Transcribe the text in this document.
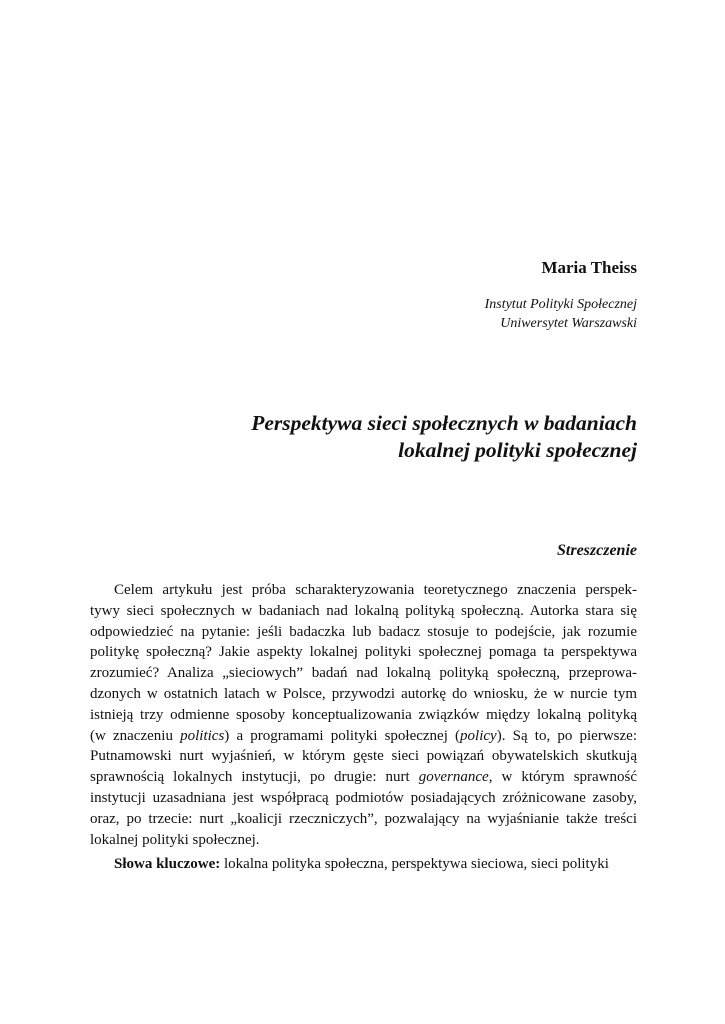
Maria Theiss
Instytut Polityki Społecznej
Uniwersytet Warszawski
Perspektywa sieci społecznych w badaniach
lokalnej polityki społecznej
Streszczenie
Celem artykułu jest próba scharakteryzowania teoretycznego znaczenia perspek-
tywy sieci społecznych w badaniach nad lokalną polityką społeczną. Autorka stara się
odpowiedzieć na pytanie: jeśli badaczka lub badacz stosuje to podejście, jak rozumie
politykę społeczną? Jakie aspekty lokalnej polityki społecznej pomaga ta perspektywa
zrozumieć? Analiza „sieciowych” badań nad lokalną polityką społeczną, przeprowa-
dzonych w ostatnich latach w Polsce, przywodzi autorkę do wniosku, że w nurcie tym
istnieją trzy odmienne sposoby konceptualizowania związków między lokalną polityką
(w znaczeniu politics) a programami polityki społecznej (policy). Są to, po pierwsze:
Putnamowski nurt wyjaśnień, w którym gęste sieci powiązań obywatelskich skutkują
sprawnością lokalnych instytucji, po drugie: nurt governance, w którym sprawność
instytucji uzasadniana jest współpracą podmiotów posiadających zróżnicowane zasoby,
oraz, po trzecie: nurt „koalicji rzeczniczych”, pozwalający na wyjaśnianie także treści
lokalnej polityki społecznej.
Słowa kluczowe: lokalna polityka społeczna, perspektywa sieciowa, sieci polityki
